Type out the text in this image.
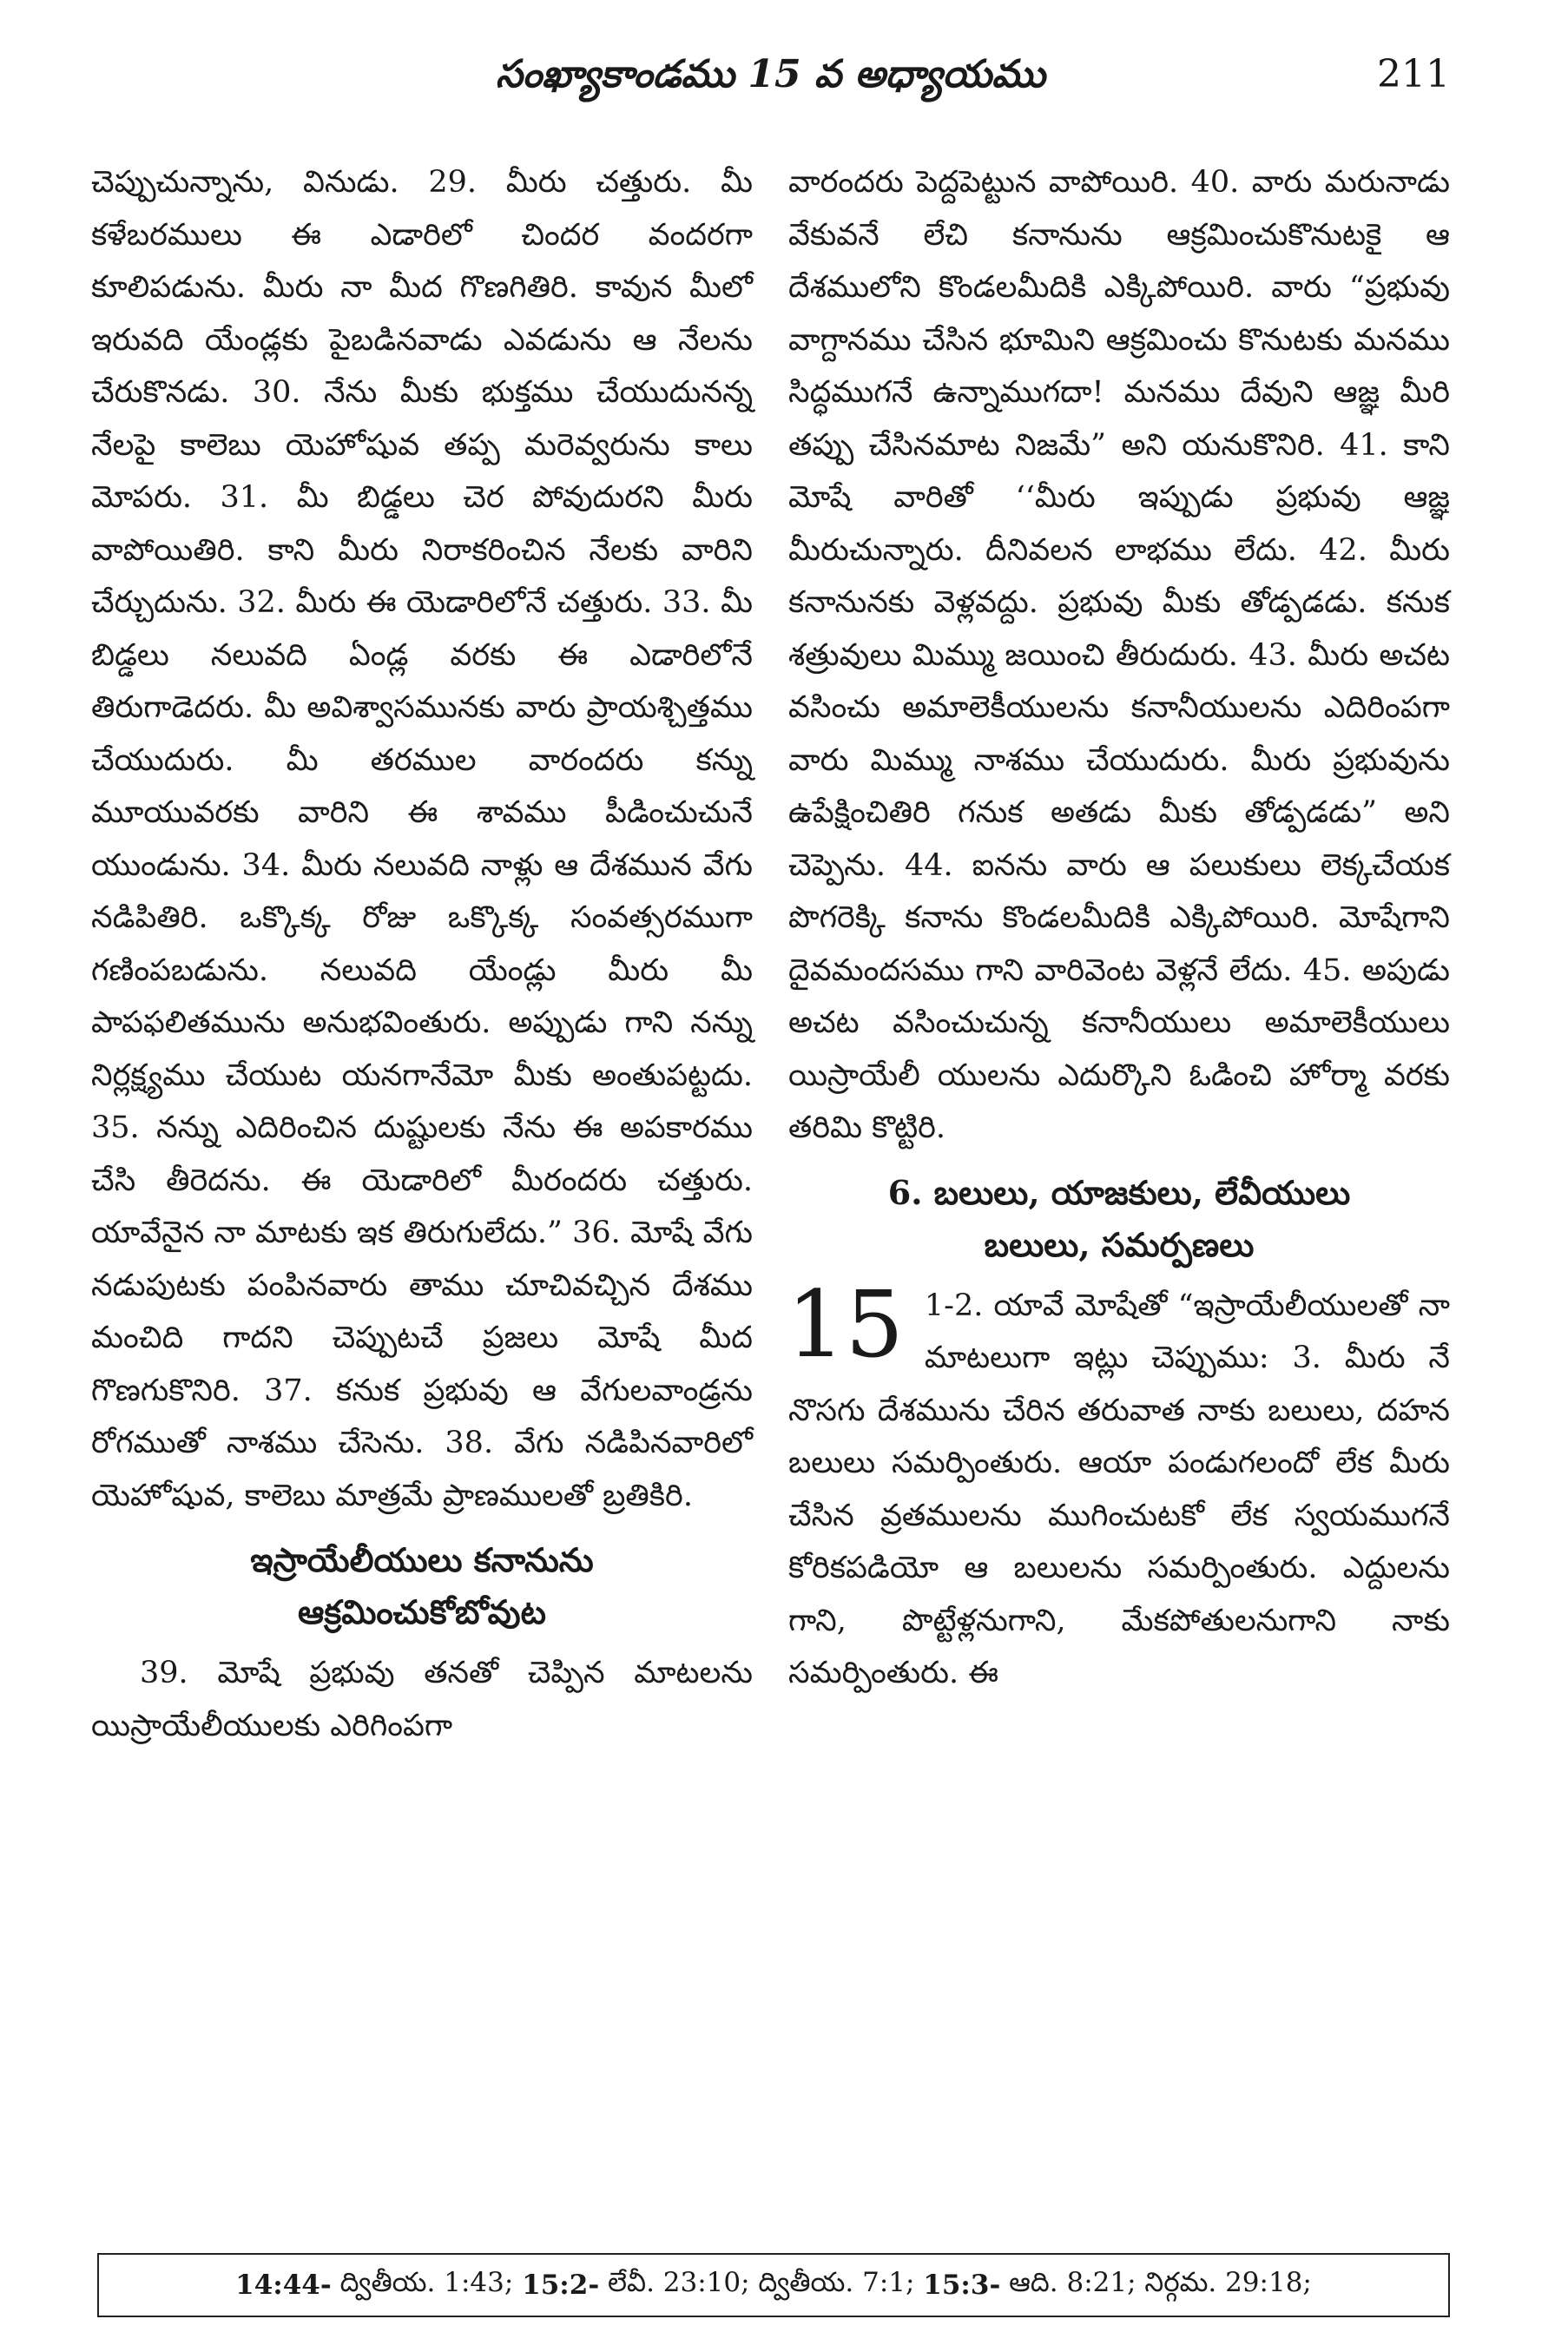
సంఖ్యాకాండము 15 వ అధ్యాయము	211

చెప్పుచున్నాను, వినుడు. 29. మీరు చత్తురు. మీ కళేబరములు ఈ ఎడారిలో చిందర వందరగా కూలిపడును. మీరు నా మీద గొణగితిరి. కావున మీలో ఇరువది యేండ్లకు పైబడినవాడు ఎవడును ఆ నేలను చేరుకొనడు. 30. నేను మీకు భుక్తము చేయుదునన్న నేలపై కాలెబు యెహోషువ తప్ప మరెవ్వరును కాలు మోపరు. 31. మీ బిడ్డలు చెర పోవుదురని మీరు వాపోయితిరి. కాని మీరు నిరాకరించిన నేలకు వారిని చేర్చుదును. 32. మీరు ఈ యెడారిలోనే చత్తురు. 33. మీ బిడ్డలు నలువది ఏండ్ల వరకు ఈ ఎడారిలోనే తిరుగాడెదరు. మీ అవిశ్వాసమునకు వారు ప్రాయశ్చిత్తము చేయుదురు. మీ తరముల వారందరు కన్ను మూయువరకు వారిని ఈ శావము పీడించుచునే యుండును. 34. మీరు నలువది నాళ్లు ఆ దేశమున వేగు నడిపితిరి. ఒక్కొక్క రోజు ఒక్కొక్క సంవత్సరముగా గణింపబడును. నలువది యేండ్లు మీరు మీ పాపఫలితమును అనుభవింతురు. అప్పుడు గాని నన్ను నిర్లక్ష్యము చేయుట యనగానేమో మీకు అంతుపట్టదు. 35. నన్ను ఎదిరించిన దుష్టులకు నేను ఈ అపకారము చేసి తీరెదను. ఈ యెడారిలో మీరందరు చత్తురు. యావేనైన నా మాటకు ఇక తిరుగులేదు.” 36. మోషే వేగు నడుపుటకు పంపినవారు తాము చూచివచ్చిన దేశము మంచిది గాదని చెప్పుటచే ప్రజలు మోషే మీద గొణగుకొనిరి. 37. కనుక ప్రభువు ఆ వేగులవాండ్రను రోగముతో నాశము చేసెను. 38. వేగు నడిపినవారిలో యెహోషువ, కాలెబు మాత్రమే ప్రాణములతో బ్రతికిరి.

ఇస్రాయేలీయులు కనానును
ఆక్రమించుకోబోవుట

39. మోషే ప్రభువు తనతో చెప్పిన మాటలను యిస్రాయేలీయులకు ఎరిగింపగా

వారందరు పెద్దపెట్టున వాపోయిరి. 40. వారు మరునాడు వేకువనే లేచి కనానును ఆక్రమించుకొనుటకై ఆ దేశములోని కొండలమీదికి ఎక్కిపోయిరి. వారు “ప్రభువు వాగ్దానము చేసిన భూమిని ఆక్రమించు కొనుటకు మనము సిద్ధముగనే ఉన్నాముగదా! మనము దేవుని ఆజ్ఞ మీరి తప్పు చేసినమాట నిజమే” అని యనుకొనిరి. 41. కాని మోషే వారితో ‘‘మీరు ఇప్పుడు ప్రభువు ఆజ్ఞ మీరుచున్నారు. దీనివలన లాభము లేదు. 42. మీరు కనానునకు వెళ్లవద్దు. ప్రభువు మీకు తోడ్పడడు. కనుక శత్రువులు మిమ్ము జయించి తీరుదురు. 43. మీరు అచట వసించు అమాలెకీయులను కనానీయులను ఎదిరింపగా వారు మిమ్ము నాశము చేయుదురు. మీరు ప్రభువును ఉపేక్షించితిరి గనుక అతడు మీకు తోడ్పడడు” అని చెప్పెను. 44. ఐనను వారు ఆ పలుకులు లెక్కచేయక పొగరెక్కి కనాను కొండలమీదికి ఎక్కిపోయిరి. మోషేగాని దైవమందసము గాని వారివెంట వెళ్లనే లేదు. 45. అపుడు అచట వసించుచున్న కనానీయులు అమాలెకీయులు యిస్రాయేలీ యులను ఎదుర్కొని ఓడించి హోర్మా వరకు తరిమి కొట్టిరి.

6. బలులు, యాజకులు, లేవీయులు
బలులు, సమర్పణలు
15 1-2. యావే మోషేతో “ఇస్రాయేలీయులతో నా మాటలుగా ఇట్లు చెప్పుము: 3. మీరు నే నొసగు దేశమును చేరిన తరువాత నాకు బలులు, దహన బలులు సమర్పింతురు. ఆయా పండుగలందో లేక మీరు చేసిన వ్రతములను ముగించుటకో లేక స్వయముగనే కోరికపడియో ఆ బలులను సమర్పింతురు. ఎద్దులను గాని, పొట్టేళ్లనుగాని, మేకపోతులనుగాని నాకు సమర్పింతురు. ఈ

14:44- ద్వితీయ. 1:43; 15:2- లేవీ. 23:10; ద్వితీయ. 7:1; 15:3- ఆది. 8:21; నిర్గమ. 29:18;
